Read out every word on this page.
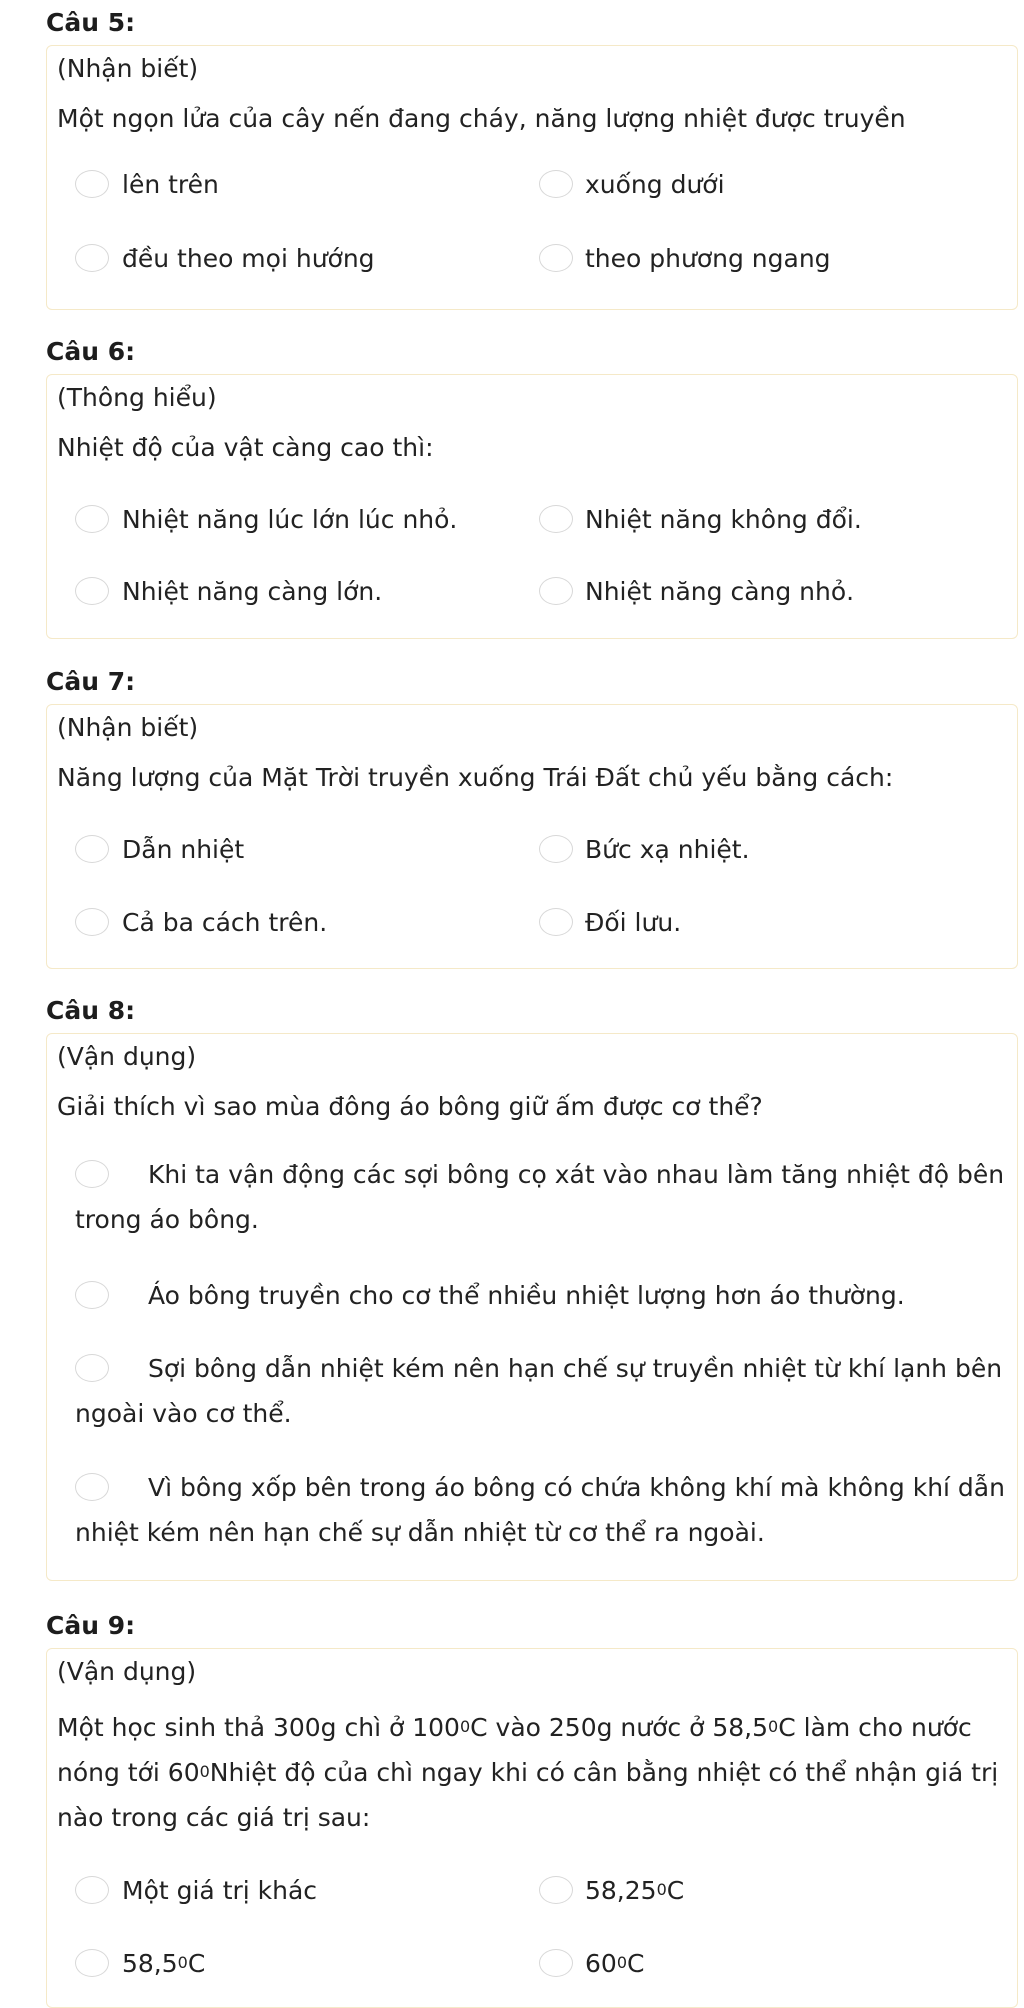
Câu 5:
(Nhận biết)
Một ngọn lửa của cây nến đang cháy, năng lượng nhiệt được truyền
lên trên	xuống dưới
đều theo mọi hướng	theo phương ngang
Câu 6:
(Thông hiểu)
Nhiệt độ của vật càng cao thì:
Nhiệt năng lúc lớn lúc nhỏ.	Nhiệt năng không đổi.
Nhiệt năng càng lớn.	Nhiệt năng càng nhỏ.
Câu 7:
(Nhận biết)
Năng lượng của Mặt Trời truyền xuống Trái Đất chủ yếu bằng cách:
Dẫn nhiệt	Bức xạ nhiệt.
Cả ba cách trên.	Đối lưu.
Câu 8:
(Vận dụng)
Giải thích vì sao mùa đông áo bông giữ ấm được cơ thể?
Khi ta vận động các sợi bông cọ xát vào nhau làm tăng nhiệt độ bên trong áo bông.
Áo bông truyền cho cơ thể nhiều nhiệt lượng hơn áo thường.
Sợi bông dẫn nhiệt kém nên hạn chế sự truyền nhiệt từ khí lạnh bên ngoài vào cơ thể.
Vì bông xốp bên trong áo bông có chứa không khí mà không khí dẫn nhiệt kém nên hạn chế sự dẫn nhiệt từ cơ thể ra ngoài.
Câu 9:
(Vận dụng)
Một học sinh thả 300g chì ở $100^0C$ vào 250g nước ở 58,5$^0$C làm cho nước nóng tới $60^0Nhiệt$ độ của chì ngay khi có cân bằng nhiệt có thể nhận giá trị nào trong các giá trị sau:
Một giá trị khác	58,25$^0$C
58,5$^0$C	$60^0C$
